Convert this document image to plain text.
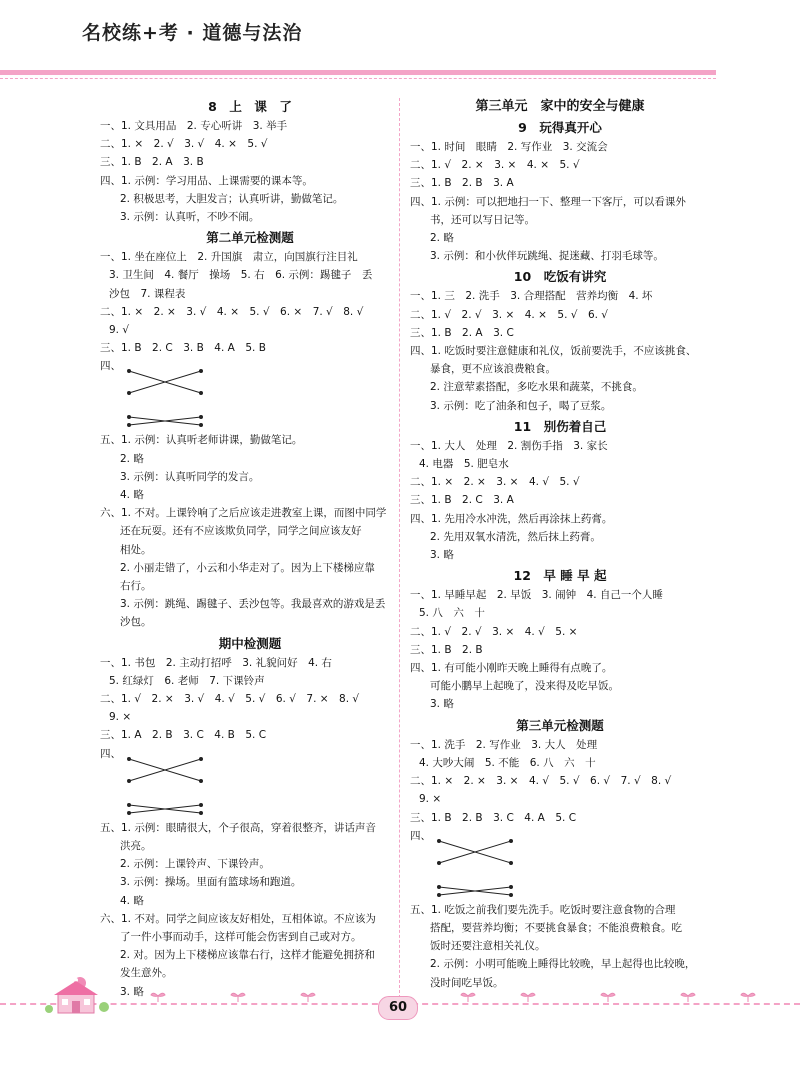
名校练+考 · 道德与法治
8　上　课　了
一、1. 文具用品　2. 专心听讲　3. 举手
二、1. ×　2. √　3. √　4. ×　5. √
三、1. B　2. A　3. B
四、1. 示例：学习用品、上课需要的课本等。
2. 积极思考，大胆发言；认真听讲，勤做笔记。
3. 示例：认真听，不吵不闹。
第二单元检测题
一、1. 坐在座位上　2. 升国旗　肃立，向国旗行注目礼
3. 卫生间　4. 餐厅　操场　5. 右　6. 示例：踢毽子　丢
沙包　7. 课程表
二、1. ×　2. ×　3. √　4. ×　5. √　6. ×　7. √　8. √
9. √
三、1. B　2. C　3. B　4. A　5. B
四、
五、1. 示例：认真听老师讲课，勤做笔记。
2. 略
3. 示例：认真听同学的发言。
4. 略
六、1. 不对。上课铃响了之后应该走进教室上课，而图中同学
还在玩耍。还有不应该欺负同学，同学之间应该友好
相处。
2. 小丽走错了，小云和小华走对了。因为上下楼梯应靠
右行。
3. 示例：跳绳、踢毽子、丢沙包等。我最喜欢的游戏是丢
沙包。
期中检测题
一、1. 书包　2. 主动打招呼　3. 礼貌问好　4. 右
5. 红绿灯　6. 老师　7. 下课铃声
二、1. √　2. ×　3. √　4. √　5. √　6. √　7. ×　8. √
9. ×
三、1. A　2. B　3. C　4. B　5. C
四、
五、1. 示例：眼睛很大，个子很高，穿着很整齐，讲话声音
洪亮。
2. 示例：上课铃声、下课铃声。
3. 示例：操场。里面有篮球场和跑道。
4. 略
六、1. 不对。同学之间应该友好相处，互相体谅。不应该为
了一件小事而动手，这样可能会伤害到自己或对方。
2. 对。因为上下楼梯应该靠右行，这样才能避免拥挤和
发生意外。
3. 略
第三单元　家中的安全与健康
9　玩得真开心
一、1. 时间　眼睛　2. 写作业　3. 交流会
二、1. √　2. ×　3. ×　4. ×　5. √
三、1. B　2. B　3. A
四、1. 示例：可以把地扫一下、整理一下客厅，可以看课外
书，还可以写日记等。
2. 略
3. 示例：和小伙伴玩跳绳、捉迷藏、打羽毛球等。
10　吃饭有讲究
一、1. 三　2. 洗手　3. 合理搭配　营养均衡　4. 坏
二、1. √　2. √　3. ×　4. ×　5. √　6. √
三、1. B　2. A　3. C
四、1. 吃饭时要注意健康和礼仪，饭前要洗手，不应该挑食、
暴食，更不应该浪费粮食。
2. 注意荤素搭配，多吃水果和蔬菜，不挑食。
3. 示例：吃了油条和包子，喝了豆浆。
11　别伤着自己
一、1. 大人　处理　2. 割伤手指　3. 家长
4. 电器　5. 肥皂水
二、1. ×　2. ×　3. ×　4. √　5. √
三、1. B　2. C　3. A
四、1. 先用冷水冲洗，然后再涂抹上药膏。
2. 先用双氧水清洗，然后抹上药膏。
3. 略
12　早 睡 早 起
一、1. 早睡早起　2. 早饭　3. 闹钟　4. 自己一个人睡
5. 八　六　十
二、1. √　2. √　3. ×　4. √　5. ×
三、1. B　2. B
四、1. 有可能小刚昨天晚上睡得有点晚了。
可能小鹏早上起晚了，没来得及吃早饭。
3. 略
第三单元检测题
一、1. 洗手　2. 写作业　3. 大人　处理
4. 大吵大闹　5. 不能　6. 八　六　十
二、1. ×　2. ×　3. ×　4. √　5. √　6. √　7. √　8. √
9. ×
三、1. B　2. B　3. C　4. A　5. C
四、
五、1. 吃饭之前我们要先洗手。吃饭时要注意食物的合理
搭配，要营养均衡；不要挑食暴食；不能浪费粮食。吃
饭时还要注意相关礼仪。
2. 示例：小明可能晚上睡得比较晚，早上起得也比较晚，
没时间吃早饭。
60
